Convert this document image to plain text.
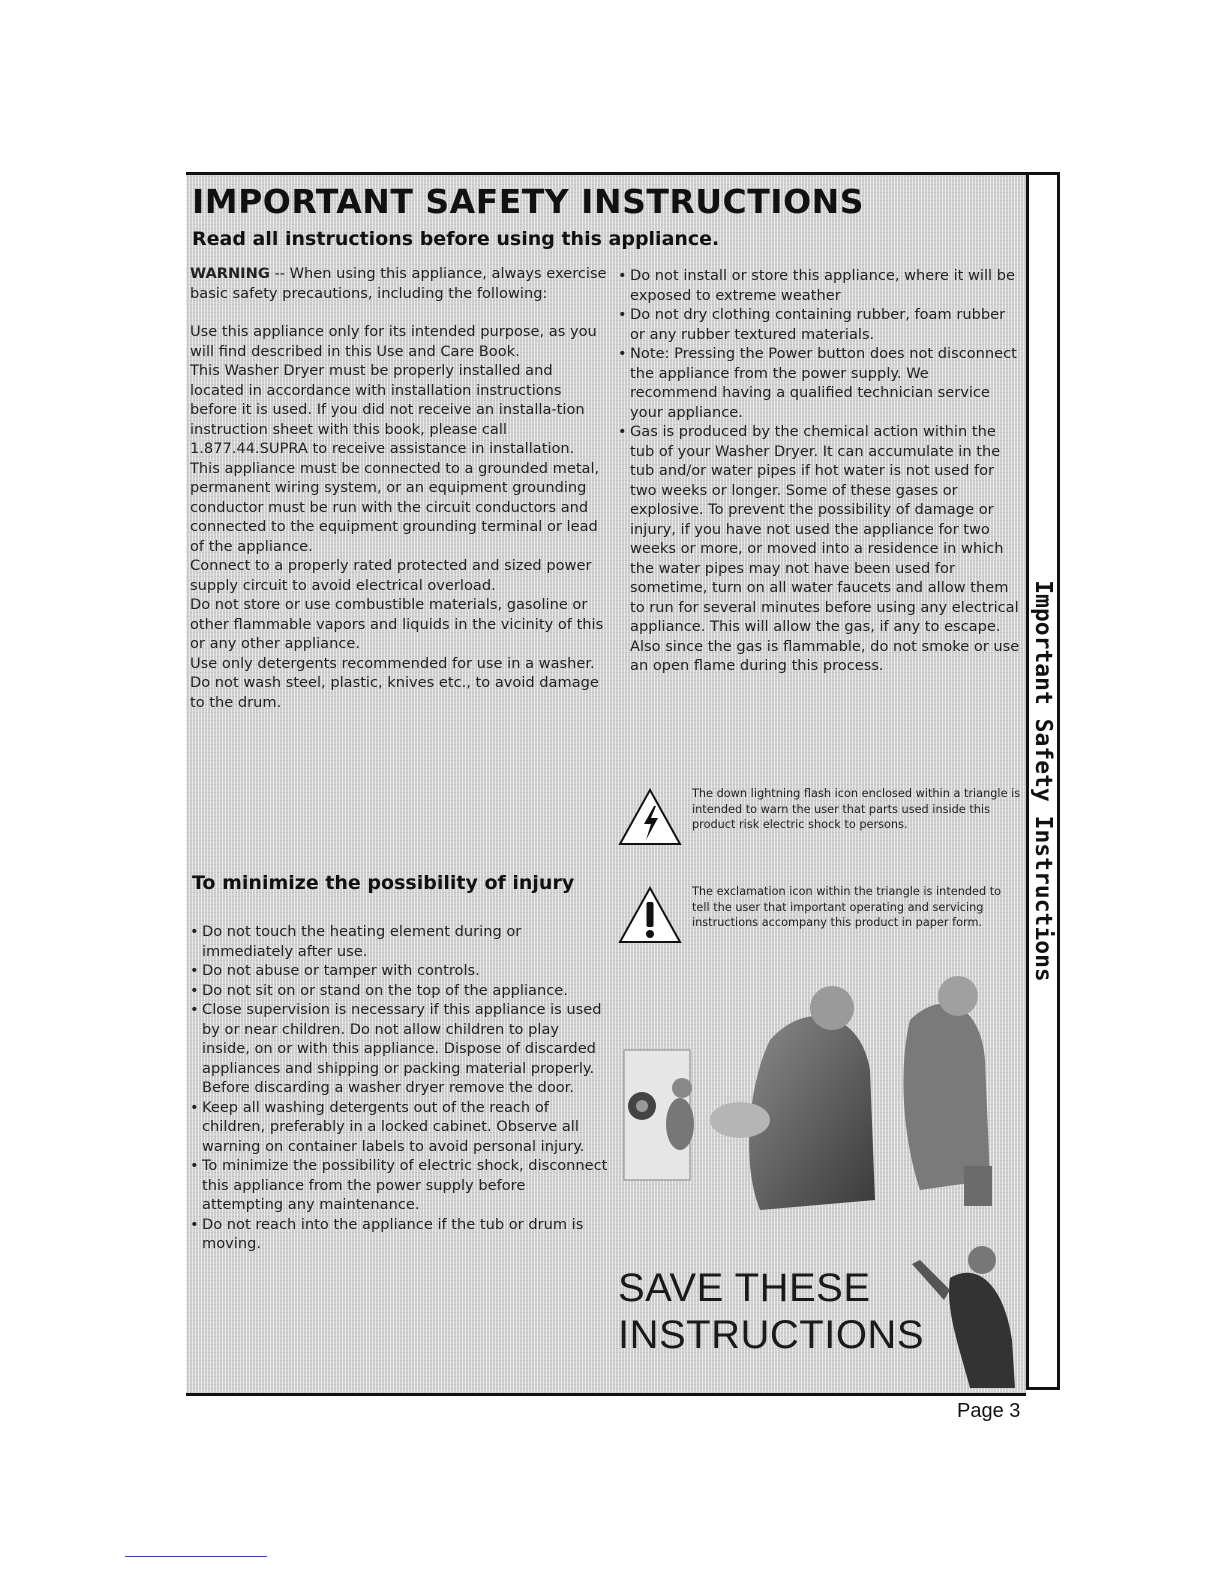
Important Safety Instructions
IMPORTANT SAFETY INSTRUCTIONS
Read all instructions before using this appliance.

WARNING -- When using this appliance, always exercise basic safety precautions, including the following:

Use this appliance only for its intended purpose, as you will find described in this Use and Care Book.

This Washer Dryer must be properly installed and located in accordance with installation instructions before it is used. If you did not receive an installa-tion instruction sheet with this book, please call 1.877.44.SUPRA to receive assistance in installation.

This appliance must be connected to a grounded metal, permanent wiring system, or an equipment grounding conductor must be run with the circuit conductors and connected to the equipment grounding terminal or lead of the appliance.

Connect to a properly rated protected and sized power supply circuit to avoid electrical overload.

Do not store or use combustible materials, gasoline or other flammable vapors and liquids in the vicinity of this or any other appliance.

Use only detergents recommended for use in a washer.

Do not wash steel, plastic, knives etc., to avoid damage to the drum.

To minimize the possibility of injury
• Do not touch the heating element during or immediately after use.
• Do not abuse or tamper with controls.
• Do not sit on or stand on the top of the appliance.
• Close supervision is necessary if this appliance is used by or near children. Do not allow children to play inside, on or with this appliance. Dispose of discarded appliances and shipping or packing material properly. Before discarding a washer dryer remove the door.
• Keep all washing detergents out of the reach of children, preferably in a locked cabinet. Observe all warning on container labels to avoid personal injury.
• To minimize the possibility of electric shock, disconnect this appliance from the power supply before attempting any maintenance.
• Do not reach into the appliance if the tub or drum is moving.
• Do not install or store this appliance, where it will be exposed to extreme weather
• Do not dry clothing containing rubber, foam rubber or any rubber textured materials.
• Note: Pressing the Power button does not disconnect the appliance from the power supply. We recommend having a qualified technician service your appliance.
• Gas is produced by the chemical action within the tub of your Washer Dryer. It can accumulate in the tub and/or water pipes if hot water is not used for two weeks or longer. Some of these gases or explosive. To prevent the possibility of damage or injury, if you have not used the appliance for two weeks or more, or moved into a residence in which the water pipes may not have been used for sometime, turn on all water faucets and allow them to run for several minutes before using any electrical appliance. This will allow the gas, if any to escape. Also since the gas is flammable, do not smoke or use an open flame during this process.
The down lightning flash icon enclosed within a triangle is intended to warn the user that parts used inside this product risk electric shock to persons.
The exclamation icon within the triangle is intended to tell the user that important operating and servicing instructions accompany this product in paper form.
SAVE THESE
INSTRUCTIONS
Page 3
